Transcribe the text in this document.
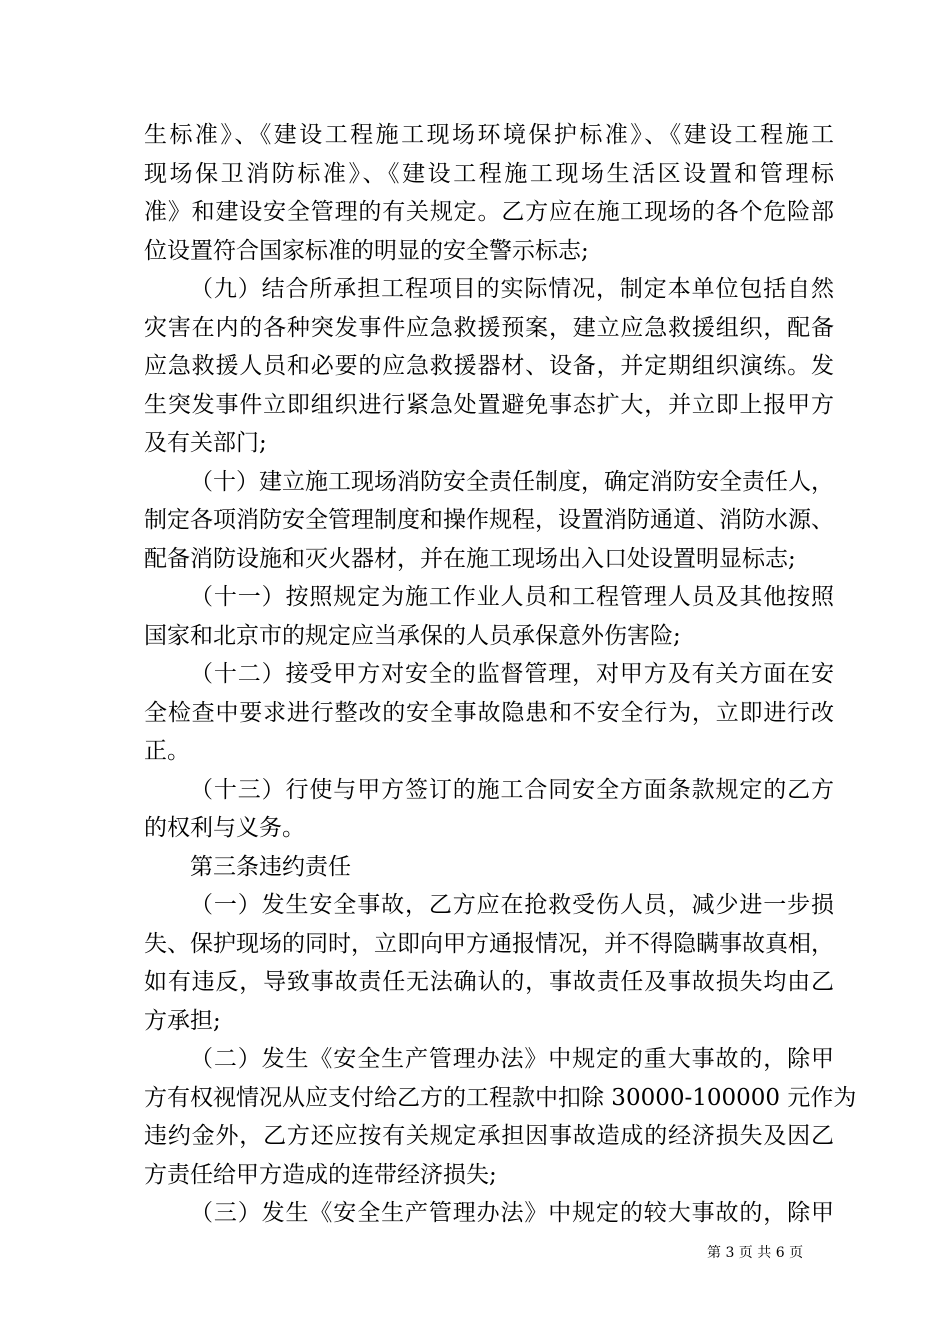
生标准》、《建设工程施工现场环境保护标准》、《建设工程施工
现场保卫消防标准》、《建设工程施工现场生活区设置和管理标
准》和建设安全管理的有关规定。乙方应在施工现场的各个危险部
位设置符合国家标准的明显的安全警示标志;
（九）结合所承担工程项目的实际情况，制定本单位包括自然
灾害在内的各种突发事件应急救援预案，建立应急救援组织，配备
应急救援人员和必要的应急救援器材、设备，并定期组织演练。发
生突发事件立即组织进行紧急处置避免事态扩大，并立即上报甲方
及有关部门;
（十）建立施工现场消防安全责任制度，确定消防安全责任人，
制定各项消防安全管理制度和操作规程，设置消防通道、消防水源、
配备消防设施和灭火器材，并在施工现场出入口处设置明显标志;
（十一）按照规定为施工作业人员和工程管理人员及其他按照
国家和北京市的规定应当承保的人员承保意外伤害险;
（十二）接受甲方对安全的监督管理，对甲方及有关方面在安
全检查中要求进行整改的安全事故隐患和不安全行为，立即进行改
正。
（十三）行使与甲方签订的施工合同安全方面条款规定的乙方
的权利与义务。
第三条违约责任
（一）发生安全事故，乙方应在抢救受伤人员，减少进一步损
失、保护现场的同时，立即向甲方通报情况，并不得隐瞒事故真相，
如有违反，导致事故责任无法确认的，事故责任及事故损失均由乙
方承担;
（二）发生《安全生产管理办法》中规定的重大事故的，除甲
方有权视情况从应支付给乙方的工程款中扣除 30000-100000 元作为
违约金外，乙方还应按有关规定承担因事故造成的经济损失及因乙
方责任给甲方造成的连带经济损失;
（三）发生《安全生产管理办法》中规定的较大事故的，除甲
第 3 页 共 6 页
